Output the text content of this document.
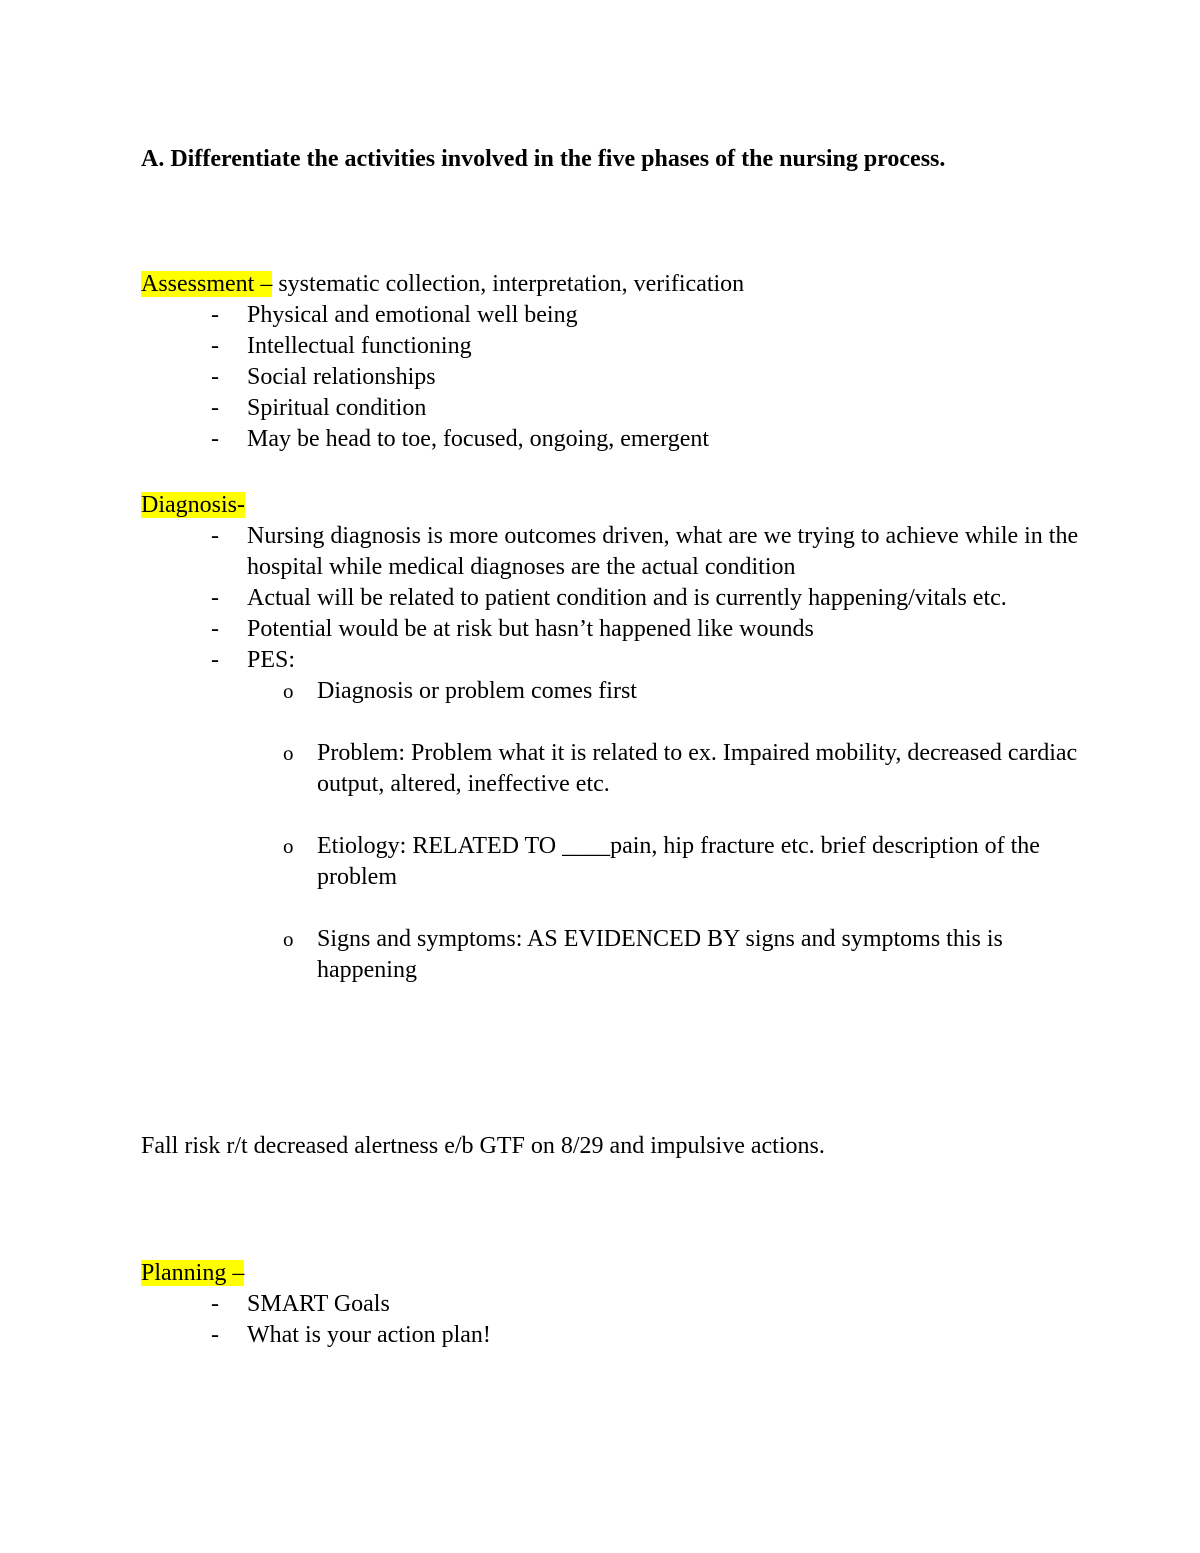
A. Differentiate the activities involved in the five phases of the nursing process.
Assessment – systematic collection, interpretation, verification
- Physical and emotional well being
- Intellectual functioning
- Social relationships
- Spiritual condition
- May be head to toe, focused, ongoing, emergent
Diagnosis-
- Nursing diagnosis is more outcomes driven, what are we trying to achieve while in the hospital while medical diagnoses are the actual condition
- Actual will be related to patient condition and is currently happening/vitals etc.
- Potential would be at risk but hasn’t happened like wounds
- PES:
o Diagnosis or problem comes first
o Problem: Problem what it is related to ex. Impaired mobility, decreased cardiac output, altered, ineffective etc.
o Etiology: RELATED TO ____pain, hip fracture etc. brief description of the problem
o Signs and symptoms: AS EVIDENCED BY signs and symptoms this is happening
Fall risk r/t decreased alertness e/b GTF on 8/29 and impulsive actions.
Planning –
- SMART Goals
- What is your action plan!
